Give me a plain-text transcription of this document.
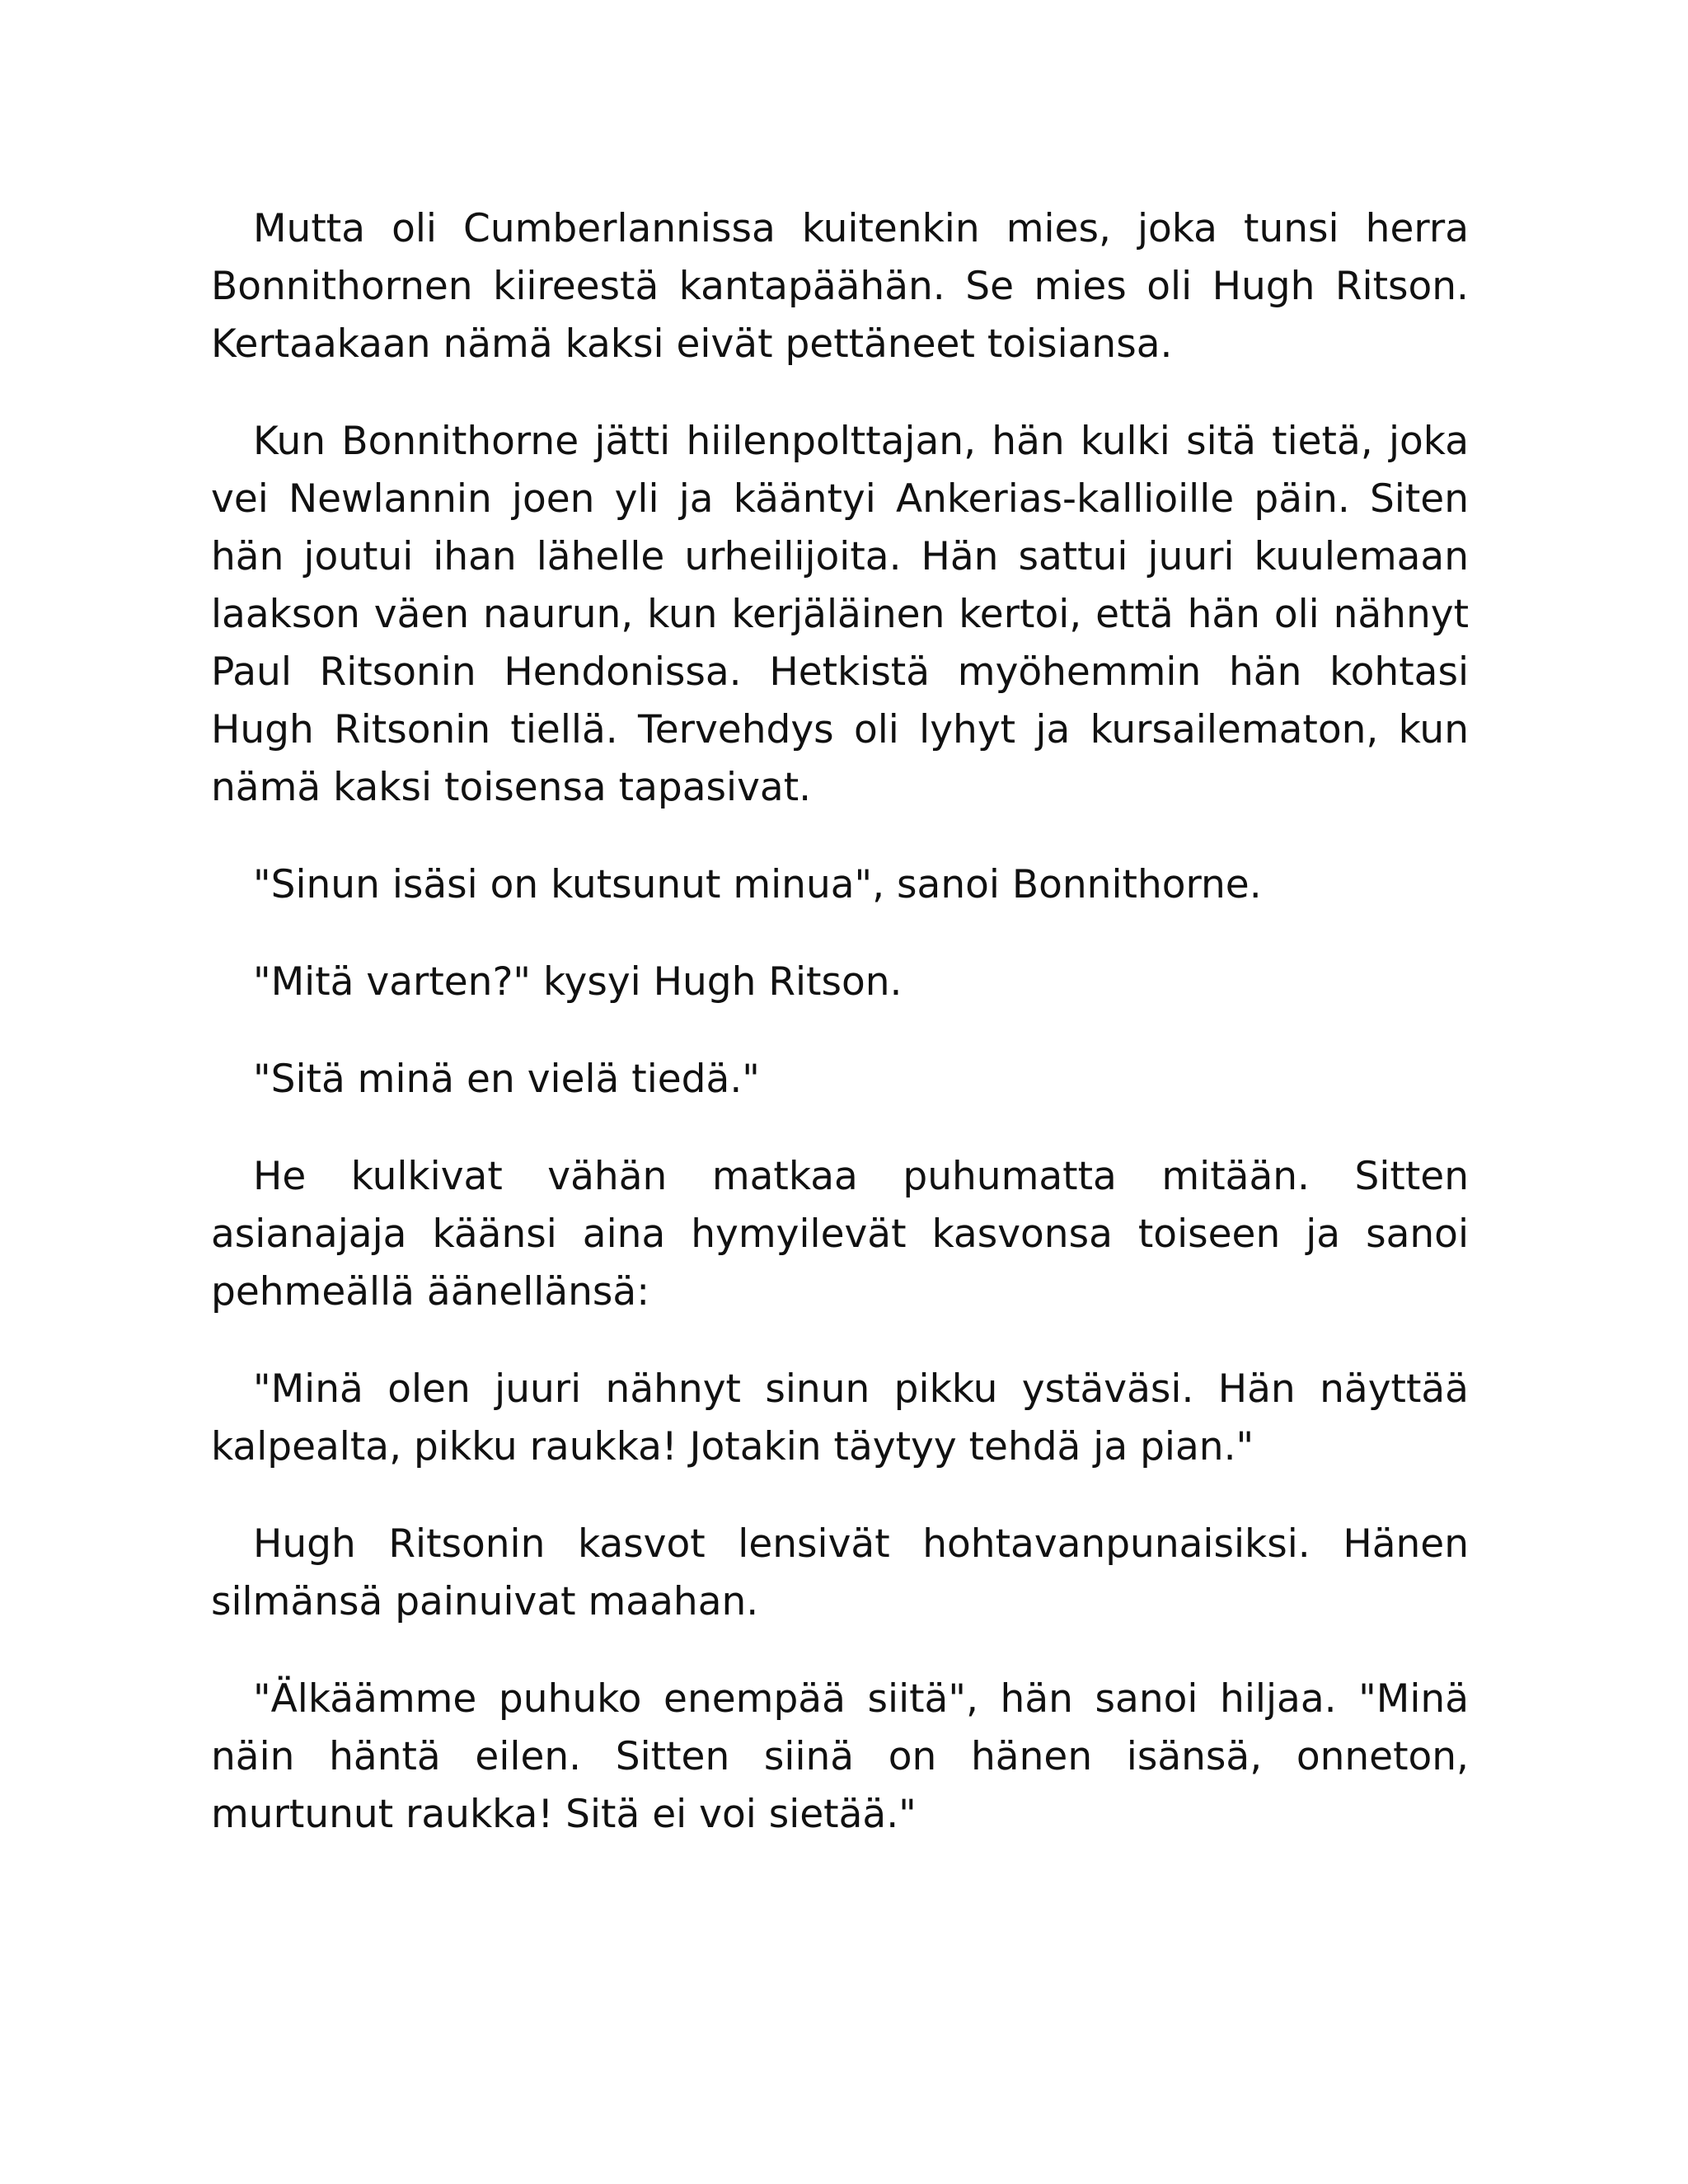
Mutta oli Cumberlannissa kuitenkin mies, joka tunsi herra Bonnithornen kiireestä kantapäähän. Se mies oli Hugh Ritson. Kertaakaan nämä kaksi eivät pettäneet toisiansa.

Kun Bonnithorne jätti hiilenpolttajan, hän kulki sitä tietä, joka vei Newlannin joen yli ja kääntyi Ankerias-kallioille päin. Siten hän joutui ihan lähelle urheilijoita. Hän sattui juuri kuulemaan laakson väen naurun, kun kerjäläinen kertoi, että hän oli nähnyt Paul Ritsonin Hendonissa. Hetkistä myöhemmin hän kohtasi Hugh Ritsonin tiellä. Tervehdys oli lyhyt ja kursailematon, kun nämä kaksi toisensa tapasivat.

"Sinun isäsi on kutsunut minua", sanoi Bonnithorne.

"Mitä varten?" kysyi Hugh Ritson.

"Sitä minä en vielä tiedä."

He kulkivat vähän matkaa puhumatta mitään. Sitten asianajaja käänsi aina hymyilevät kasvonsa toiseen ja sanoi pehmeällä äänellänsä:

"Minä olen juuri nähnyt sinun pikku ystäväsi. Hän näyttää kalpealta, pikku raukka! Jotakin täytyy tehdä ja pian."

Hugh Ritsonin kasvot lensivät hohtavanpunaisiksi. Hänen silmänsä painuivat maahan.

"Älkäämme puhuko enempää siitä", hän sanoi hiljaa. "Minä näin häntä eilen. Sitten siinä on hänen isänsä, onneton, murtunut raukka! Sitä ei voi sietää."
